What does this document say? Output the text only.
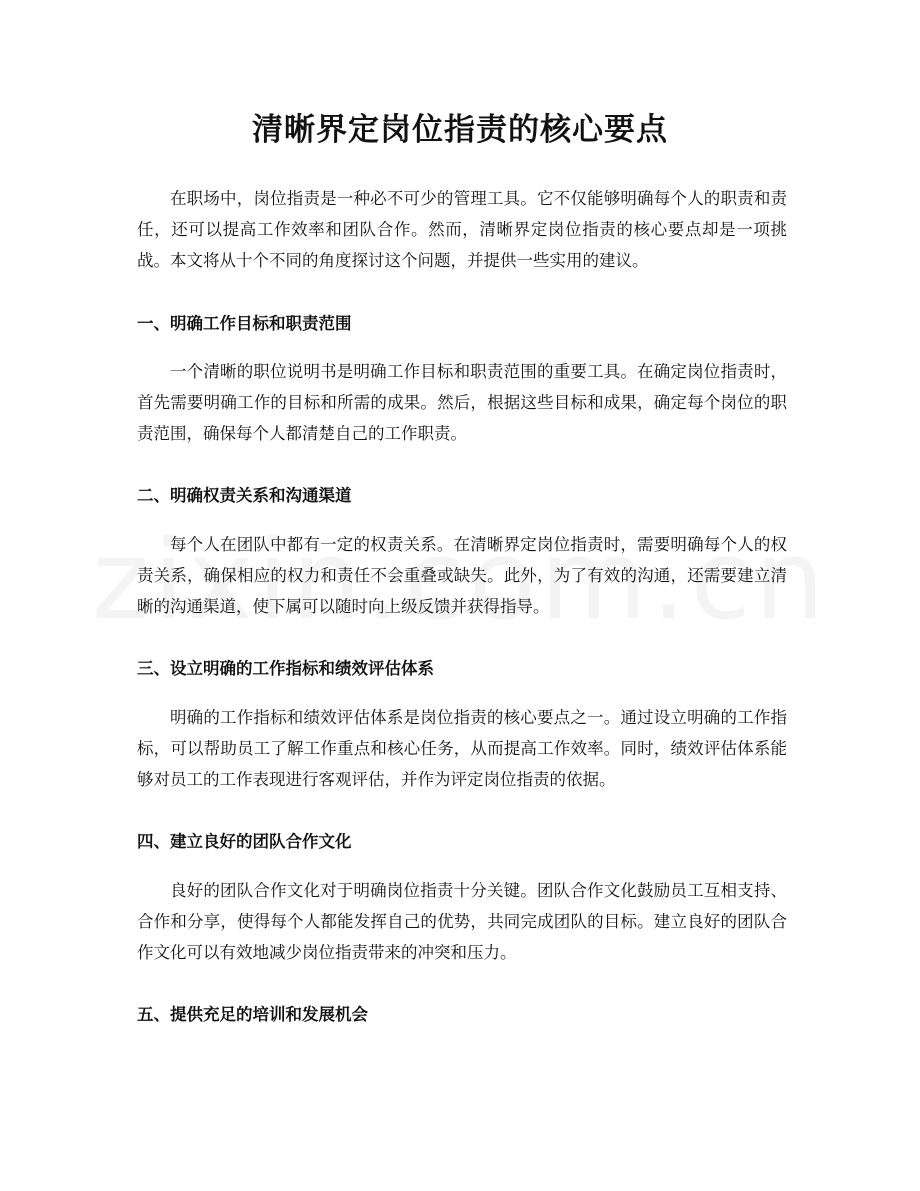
清晰界定岗位指责的核心要点

在职场中，岗位指责是一种必不可少的管理工具。它不仅能够明确每个人的职责和责任，还可以提高工作效率和团队合作。然而，清晰界定岗位指责的核心要点却是一项挑战。本文将从十个不同的角度探讨这个问题，并提供一些实用的建议。

一、明确工作目标和职责范围

一个清晰的职位说明书是明确工作目标和职责范围的重要工具。在确定岗位指责时，首先需要明确工作的目标和所需的成果。然后，根据这些目标和成果，确定每个岗位的职责范围，确保每个人都清楚自己的工作职责。

二、明确权责关系和沟通渠道

每个人在团队中都有一定的权责关系。在清晰界定岗位指责时，需要明确每个人的权责关系，确保相应的权力和责任不会重叠或缺失。此外，为了有效的沟通，还需要建立清晰的沟通渠道，使下属可以随时向上级反馈并获得指导。

三、设立明确的工作指标和绩效评估体系

明确的工作指标和绩效评估体系是岗位指责的核心要点之一。通过设立明确的工作指标，可以帮助员工了解工作重点和核心任务，从而提高工作效率。同时，绩效评估体系能够对员工的工作表现进行客观评估，并作为评定岗位指责的依据。

四、建立良好的团队合作文化

良好的团队合作文化对于明确岗位指责十分关键。团队合作文化鼓励员工互相支持、合作和分享，使得每个人都能发挥自己的优势，共同完成团队的目标。建立良好的团队合作文化可以有效地减少岗位指责带来的冲突和压力。

五、提供充足的培训和发展机会
